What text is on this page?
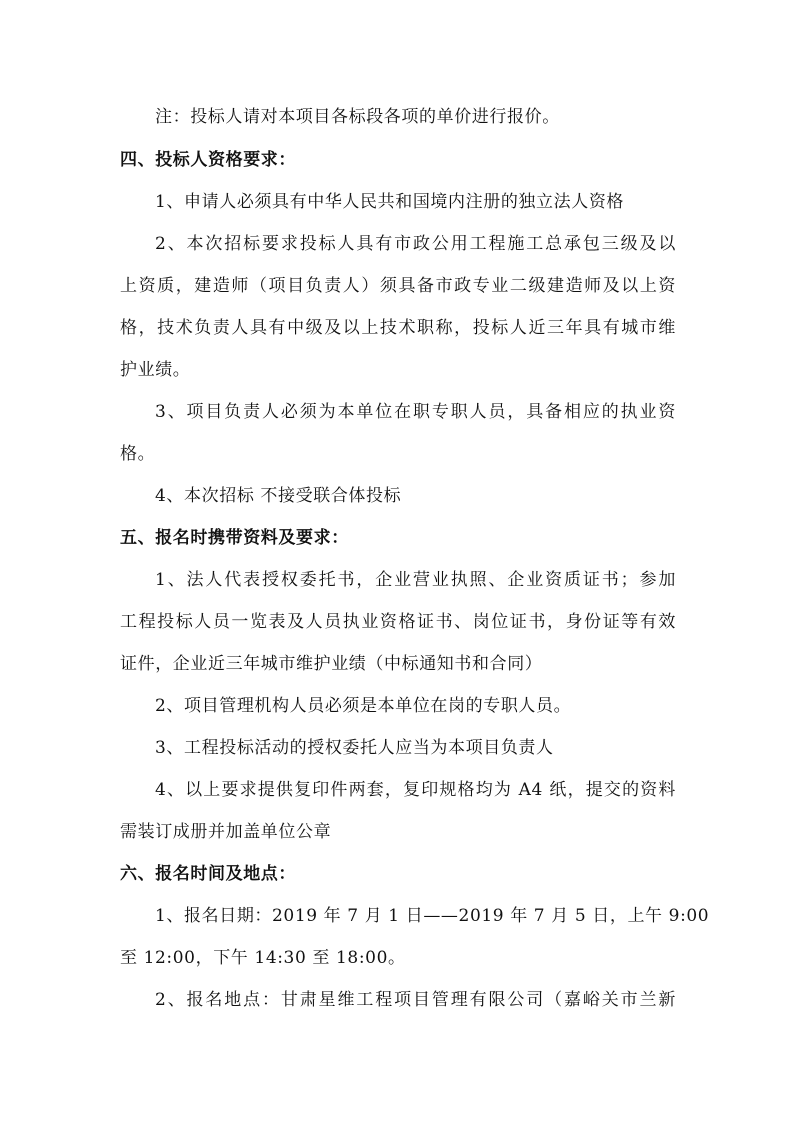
注：投标人请对本项目各标段各项的单价进行报价。
四、投标人资格要求：
1、申请人必须具有中华人民共和国境内注册的独立法人资格
2、本次招标要求投标人具有市政公用工程施工总承包三级及以
上资质，建造师（项目负责人）须具备市政专业二级建造师及以上资
格，技术负责人具有中级及以上技术职称，投标人近三年具有城市维
护业绩。
3、项目负责人必须为本单位在职专职人员，具备相应的执业资
格。
4、本次招标 不接受联合体投标
五、报名时携带资料及要求：
1、法人代表授权委托书，企业营业执照、企业资质证书；参加
工程投标人员一览表及人员执业资格证书、岗位证书，身份证等有效
证件，企业近三年城市维护业绩（中标通知书和合同）
2、项目管理机构人员必须是本单位在岗的专职人员。
3、工程投标活动的授权委托人应当为本项目负责人
4、以上要求提供复印件两套，复印规格均为 A4 纸，提交的资料
需装订成册并加盖单位公章
六、报名时间及地点：
1、报名日期：2019 年 7 月 1 日——2019 年 7 月 5 日，上午 9:00
至 12:00，下午 14:30 至 18:00。
2、报名地点：甘肃星维工程项目管理有限公司（嘉峪关市兰新
